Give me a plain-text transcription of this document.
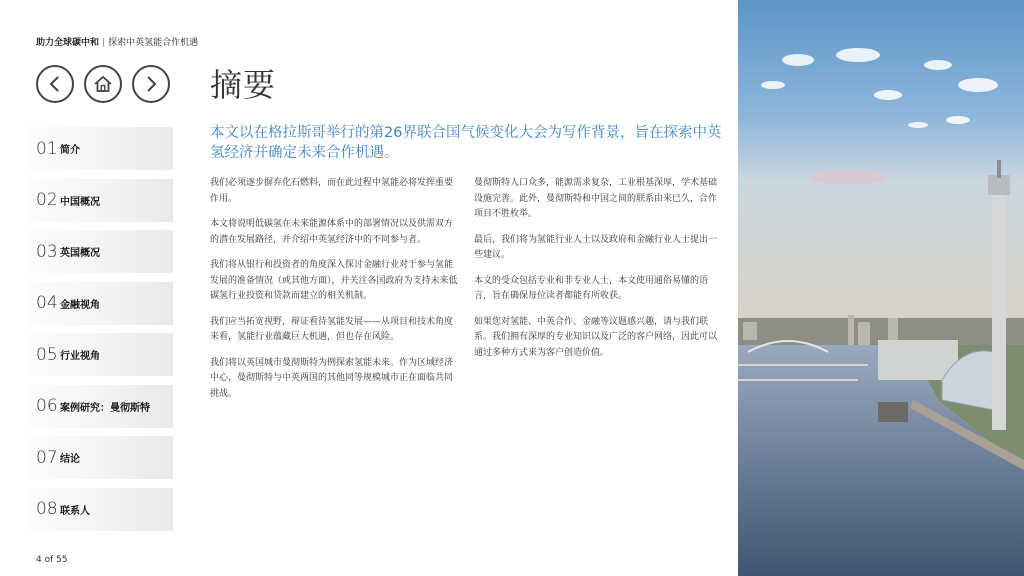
助力全球碳中和 | 探索中英氢能合作机遇
摘要
01 简介
02 中国概况
03 英国概况
04 金融视角
05 行业视角
06 案例研究：曼彻斯特
07 结论
08 联系人
本文以在格拉斯哥举行的第26界联合国气候变化大会为写作背景，旨在探索中英氢经济并确定未来合作机遇。

我们必须逐步摒弃化石燃料，而在此过程中氢能必将发挥重要作用。

本文将说明低碳氢在未来能源体系中的部署情况以及供需双方的潜在发展路径，并介绍中英氢经济中的不同参与者。

我们将从银行和投资者的角度深入探讨金融行业对于参与氢能发展的准备情况（或其他方面），并关注各国政府为支持未来低碳氢行业投资和贷款而建立的相关机制。

我们应当拓宽视野，辩证看待氢能发展——从项目和技术角度来看，氢能行业蕴藏巨大机遇，但也存在风险。

我们将以英国城市曼彻斯特为例探索氢能未来。作为区域经济中心，曼彻斯特与中英两国的其他同等规模城市正在面临共同挑战。

曼彻斯特人口众多，能源需求复杂，工业根基深厚，学术基础设施完善。此外，曼彻斯特和中国之间的联系由来已久，合作项目不胜枚举。

最后，我们将为氢能行业人士以及政府和金融行业人士提出一些建议。

本文的受众包括专业和非专业人士，本文使用通俗易懂的语言，旨在确保每位读者都能有所收获。

如果您对氢能、中英合作、金融等议题感兴趣，请与我们联系。我们拥有深厚的专业知识以及广泛的客户网络，因此可以通过多种方式来为客户创造价值。

4 of 55
